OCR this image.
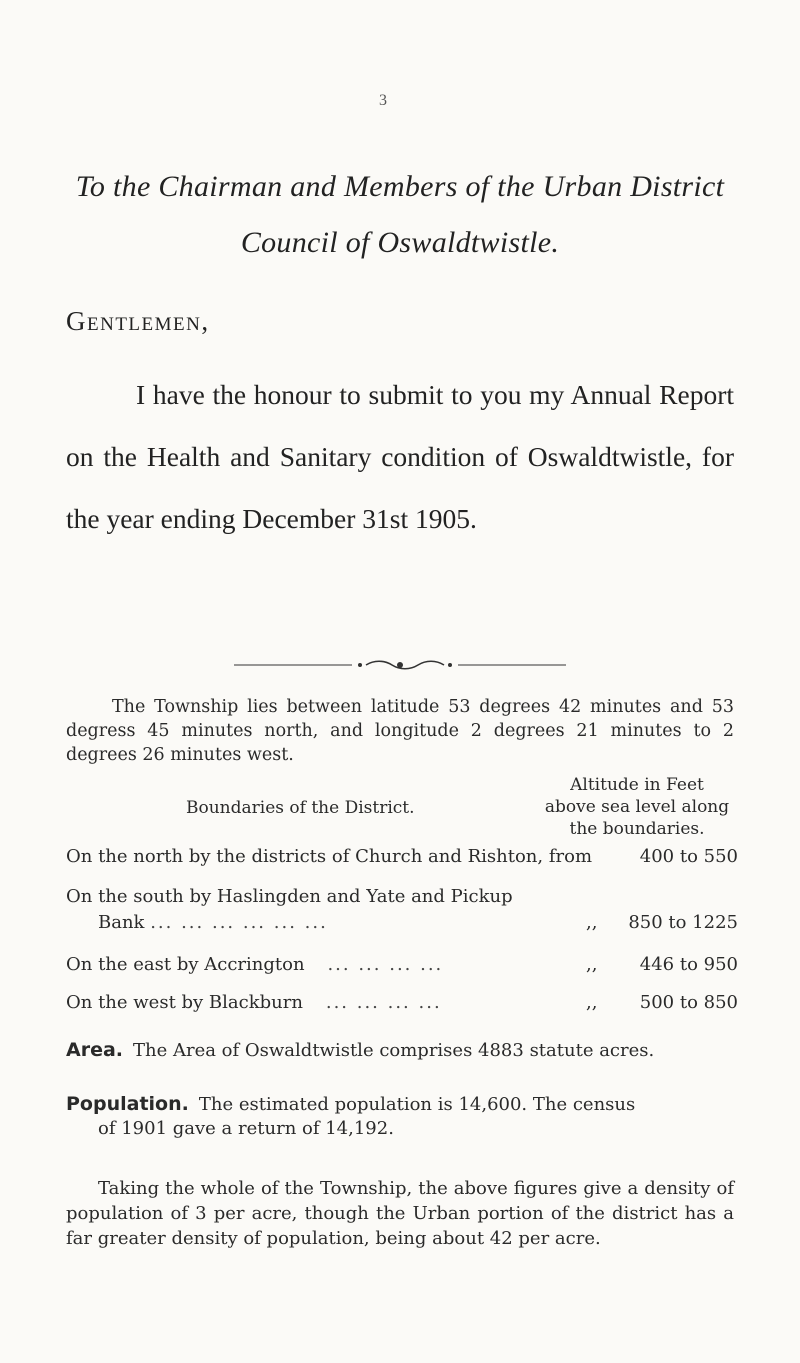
3
To the Chairman and Members of the Urban District
Council of Oswaldtwistle.
Gentlemen,

I have the honour to submit to you my Annual Report on the Health and Sanitary condition of Oswaldtwistle, for the year ending December 31st 1905.

The Township lies between latitude 53 degrees 42 minutes and 53 degress 45 minutes north, and longitude 2 degrees 21 minutes to 2 degrees 26 minutes west.

Boundaries of the District.
Altitude in Feet
above sea level along
the boundaries.
On the north by the districts of Church and Rishton, from	400 to 550
On the south by Haslingden and Yate and Pickup
Bank ... ... ... ... ... ...	,, 850 to 1225
On the east by Accrington ... ... ... ...	,, 446 to 950
On the west by Blackburn ... ... ... ...	,, 500 to 850

Area. The Area of Oswaldtwistle comprises 4883 statute acres.

Population. The estimated population is 14,600. The census
of 1901 gave a return of 14,192.

Taking the whole of the Township, the above figures give a density of population of 3 per acre, though the Urban portion of the district has a far greater density of population, being about 42 per acre.
